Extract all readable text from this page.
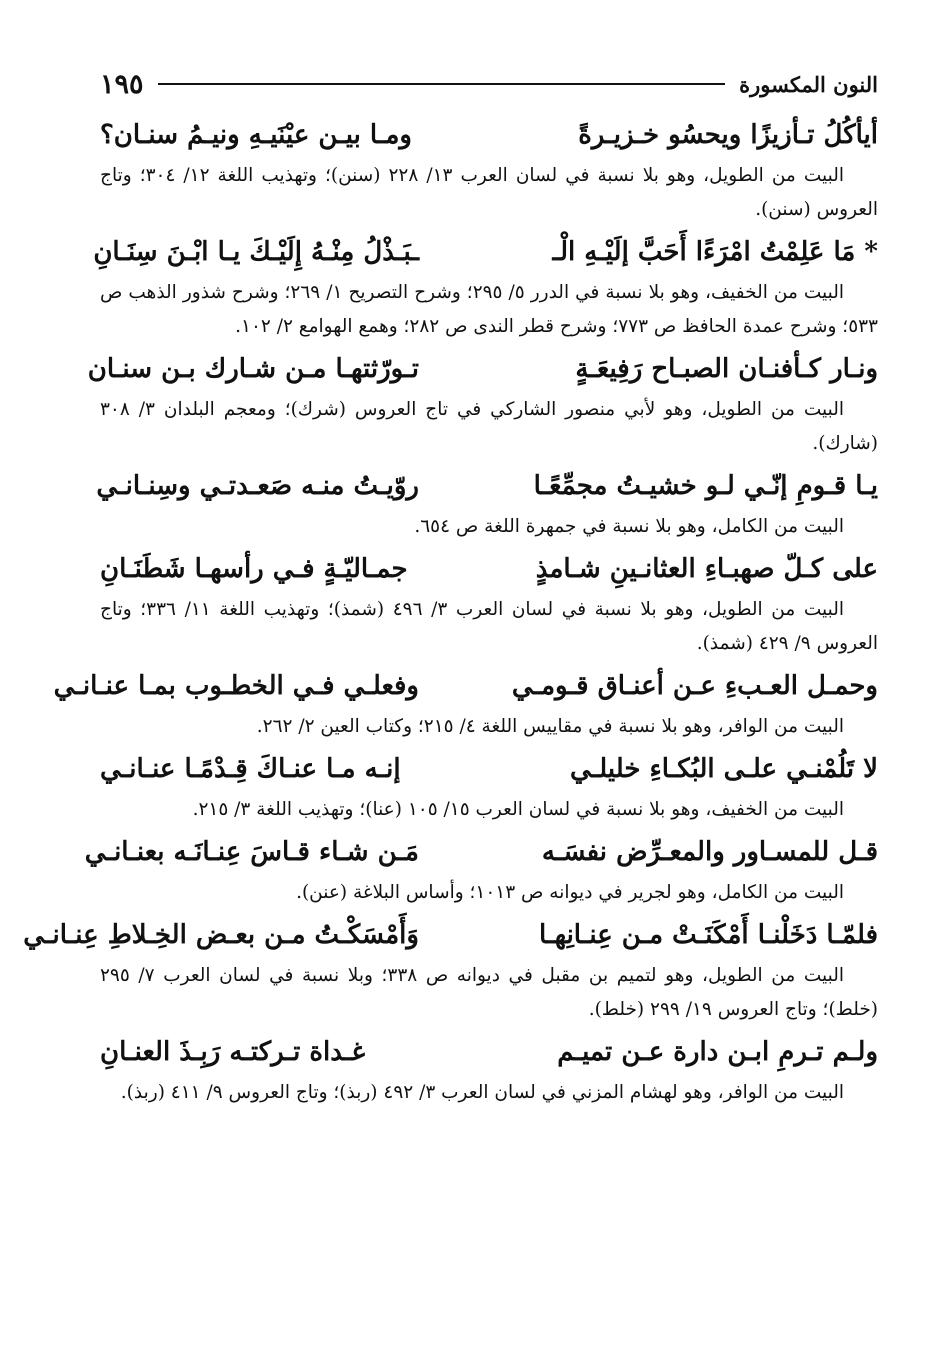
النون المكسورة
١٩٥
أيأكُلُ تـأزيزًا ويحسُو خـزيـرةً
ومـا بيـن عيْنَيـهِ ونيـمُ سنـان؟

البيت من الطويل، وهو بلا نسبة في لسان العرب ١٣/ ٢٢٨ (سنن)؛ وتهذيب اللغة ١٢/ ٣٠٤؛ وتاج العروس (سنن).

* مَا عَلِمْتُ امْرَءًا أَحَبَّ إلَيْـهِ الْـ
ـبَـذْلُ مِنْـهُ إِلَيْـكَ يـا ابْـنَ سِنَـانِ

البيت من الخفيف، وهو بلا نسبة في الدرر ٥/ ٢٩٥؛ وشرح التصريح ١/ ٢٦٩؛ وشرح شذور الذهب ص ٥٣٣؛ وشرح عمدة الحافظ ص ٧٧٣؛ وشرح قطر الندى ص ٢٨٢؛ وهمع الهوامع ٢/ ١٠٢.

ونـار كـأفنـان الصبـاح رَفِيعَـةٍ
تـورّثتهـا مـن شـارك بـن سنـان

البيت من الطويل، وهو لأبي منصور الشاركي في تاج العروس (شرك)؛ ومعجم البلدان ٣/ ٣٠٨ (شارك).

يـا قـومِ إنّـي لـو خشيـتُ مجمِّعًـا
روّيـتُ منـه صَعـدتـي وسِنـانـي

البيت من الكامل، وهو بلا نسبة في جمهرة اللغة ص ٦٥٤.

على كـلّ صهبـاءِ العثانـينِ شـامذٍ
جمـاليّـةٍ فـي رأسهـا شَطَنَـانِ

البيت من الطويل، وهو بلا نسبة في لسان العرب ٣/ ٤٩٦ (شمذ)؛ وتهذيب اللغة ١١/ ٣٣٦؛ وتاج العروس ٩/ ٤٢٩ (شمذ).

وحمـل العـبءِ عـن أعنـاق قـومـي
وفعلـي فـي الخطـوب بمـا عنـانـي

البيت من الوافر، وهو بلا نسبة في مقاييس اللغة ٤/ ٢١٥؛ وكتاب العين ٢/ ٢٦٢.

لا تَلُمْنـي علـى البُكـاءِ خليلـي
إنـه مـا عنـاكَ قِـدْمًـا عنـانـي

البيت من الخفيف، وهو بلا نسبة في لسان العرب ١٥/ ١٠٥ (عنا)؛ وتهذيب اللغة ٣/ ٢١٥.

قـل للمسـاور والمعـرِّض نفسَـه
مَـن شـاء قـاسَ عِنـانَـه بعنـانـي

البيت من الكامل، وهو لجرير في ديوانه ص ١٠١٣؛ وأساس البلاغة (عنن).

فلمّـا دَخَلْنـا أَمْكَنَـتْ مـن عِنـانِهـا
وَأَمْسَكْـتُ مـن بعـض الخِـلاطِ عِنـانـي

البيت من الطويل، وهو لتميم بن مقبل في ديوانه ص ٣٣٨؛ وبلا نسبة في لسان العرب ٧/ ٢٩٥ (خلط)؛ وتاج العروس ١٩/ ٢٩٩ (خلط).

ولـم تـرمِ ابـن دارة عـن تميـم
غـداة تـركتـه رَبِـذَ العنـانِ

البيت من الوافر، وهو لهشام المزني في لسان العرب ٣/ ٤٩٢ (ربذ)؛ وتاج العروس ٩/ ٤١١ (ربذ).
